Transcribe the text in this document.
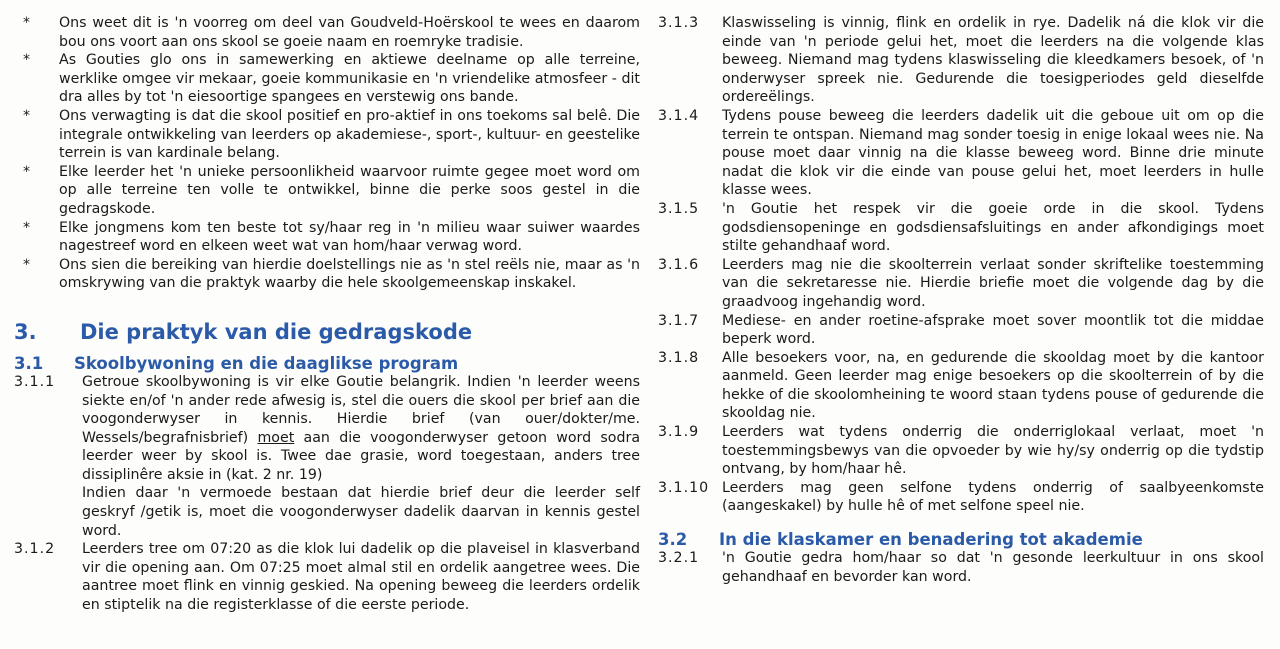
* Ons weet dit is 'n voorreg om deel van Goudveld-Hoërskool te wees en daarom bou ons voort aan ons skool se goeie naam en roemryke tradisie.
* As Gouties glo ons in samewerking en aktiewe deelname op alle terreine, werklike omgee vir mekaar, goeie kommunikasie en 'n vriendelike atmosfeer - dit dra alles by tot 'n eiesoortige spangees en verstewig ons bande.
* Ons verwagting is dat die skool positief en pro-aktief in ons toekoms sal belê. Die integrale ontwikkeling van leerders op akademiese-, sport-, kultuur- en geestelike terrein is van kardinale belang.
* Elke leerder het 'n unieke persoonlikheid waarvoor ruimte gegee moet word om op alle terreine ten volle te ontwikkel, binne die perke soos gestel in die gedragskode.
* Elke jongmens kom ten beste tot sy/haar reg in 'n milieu waar suiwer waardes nagestreef word en elkeen weet wat van hom/haar verwag word.
* Ons sien die bereiking van hierdie doelstellings nie as 'n stel reëls nie, maar as 'n omskrywing van die praktyk waarby die hele skoolgemeenskap inskakel.
3.	Die praktyk van die gedragskode
3.1	Skoolbywoning en die daaglikse program
3.1.1 Getroue skoolbywoning is vir elke Goutie belangrik. Indien 'n leerder weens siekte en/of 'n ander rede afwesig is, stel die ouers die skool per brief aan die voogonderwyser in kennis. Hierdie brief (van ouer/dokter/me. Wessels/begrafnisbrief) moet aan die voogonderwyser getoon word sodra leerder weer by skool is. Twee dae grasie, word toegestaan, anders tree dissiplinêre aksie in (kat. 2 nr. 19)
Indien daar 'n vermoede bestaan dat hierdie brief deur die leerder self geskryf /getik is, moet die voogonderwyser dadelik daarvan in kennis gestel word.
3.1.2 Leerders tree om 07:20 as die klok lui dadelik op die plaveisel in klasverband vir die opening aan. Om 07:25 moet almal stil en ordelik aangetree wees. Die aantree moet flink en vinnig geskied. Na opening beweeg die leerders ordelik en stiptelik na die registerklasse of die eerste periode.
3.1.3 Klaswisseling is vinnig, flink en ordelik in rye. Dadelik ná die klok vir die einde van 'n periode gelui het, moet die leerders na die volgende klas beweeg. Niemand mag tydens klaswisseling die kleedkamers besoek, of 'n onderwyser spreek nie. Gedurende die toesigperiodes geld dieselfde ordereëlings.
3.1.4 Tydens pouse beweeg die leerders dadelik uit die geboue uit om op die terrein te ontspan. Niemand mag sonder toesig in enige lokaal wees nie. Na pouse moet daar vinnig na die klasse beweeg word. Binne drie minute nadat die klok vir die einde van pouse gelui het, moet leerders in hulle klasse wees.
3.1.5 'n Goutie het respek vir die goeie orde in die skool. Tydens godsdiensopeninge en godsdiensafsluitings en ander afkondigings moet stilte gehandhaaf word.
3.1.6 Leerders mag nie die skoolterrein verlaat sonder skriftelike toestemming van die sekretaresse nie. Hierdie briefie moet die volgende dag by die graadvoog ingehandig word.
3.1.7 Mediese- en ander roetine-afsprake moet sover moontlik tot die middae beperk word.
3.1.8 Alle besoekers voor, na, en gedurende die skooldag moet by die kantoor aanmeld. Geen leerder mag enige besoekers op die skoolterrein of by die hekke of die skoolomheining te woord staan tydens pouse of gedurende die skooldag nie.
3.1.9 Leerders wat tydens onderrig die onderriglokaal verlaat, moet 'n toestemmingsbewys van die opvoeder by wie hy/sy onderrig op die tydstip ontvang, by hom/haar hê.
3.1.10 Leerders mag geen selfone tydens onderrig of saalbyeenkomste (aangeskakel) by hulle hê of met selfone speel nie.
3.2	In die klaskamer en benadering tot akademie
3.2.1 'n Goutie gedra hom/haar so dat 'n gesonde leerkultuur in ons skool gehandhaaf en bevorder kan word.
